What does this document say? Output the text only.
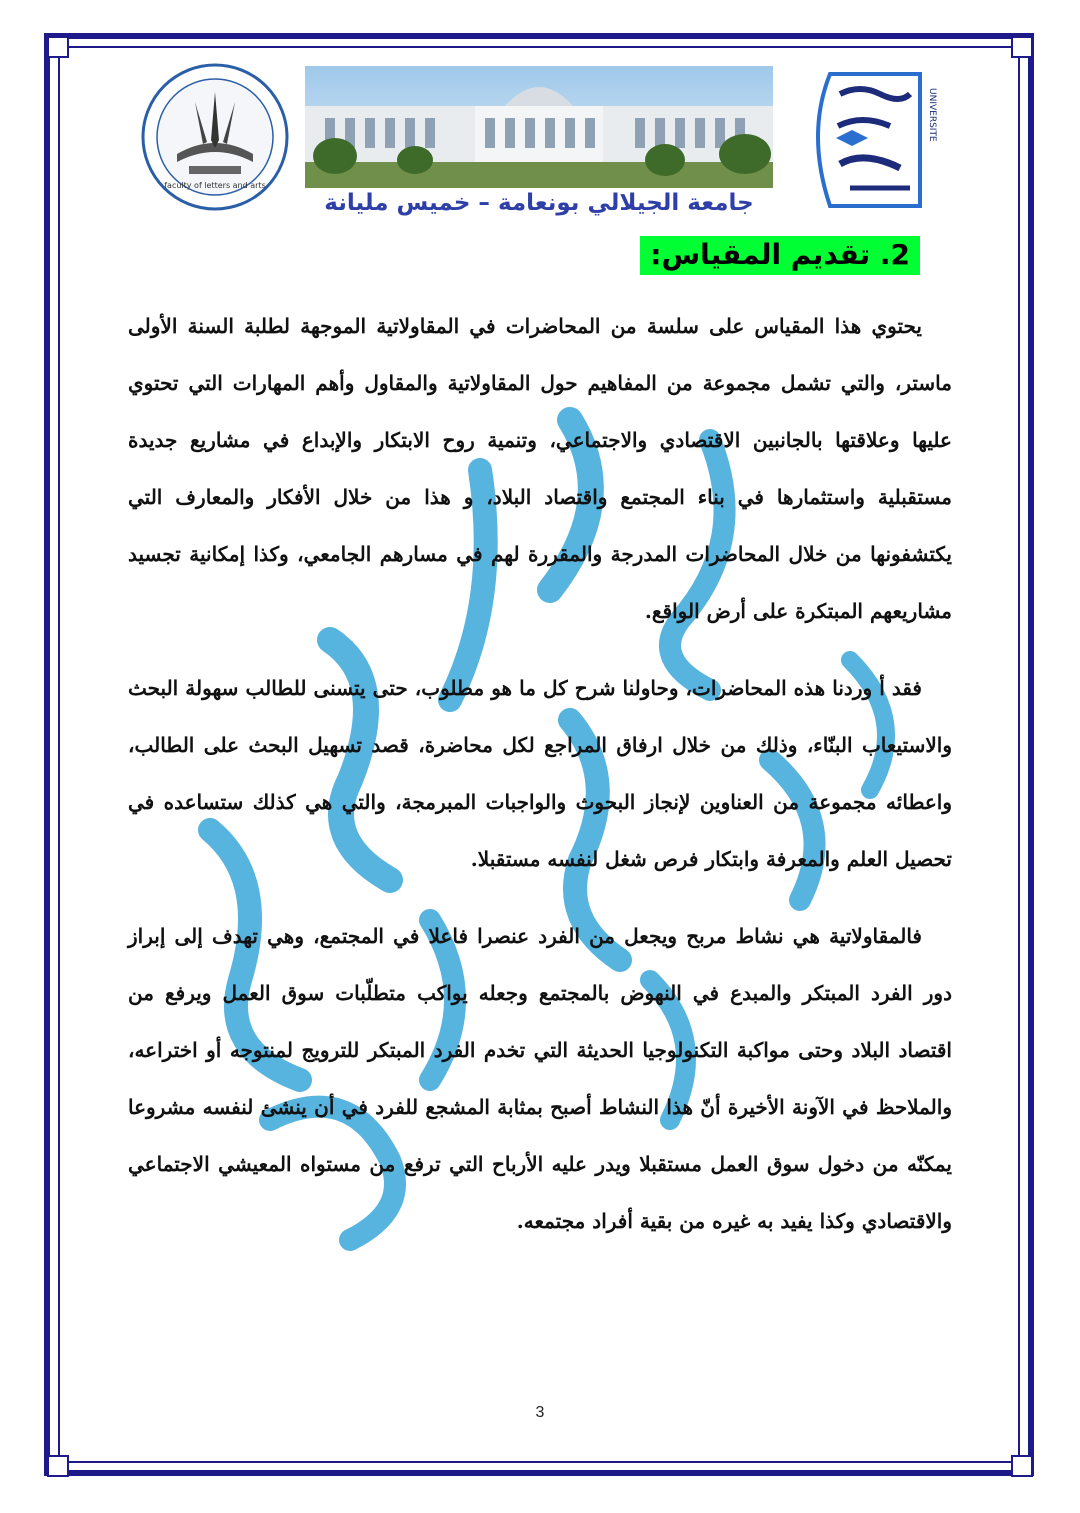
faculty of letters and arts
UNIVERSITE
جامعة الجيلالي بونعامة – خميس مليانة
2. تقديم المقياس:

يحتوي هذا المقياس على سلسة من المحاضرات في المقاولاتية الموجهة لطلبة السنة الأولى ماستر، والتي تشمل مجموعة من المفاهيم حول المقاولاتية والمقاول وأهم المهارات التي تحتوي عليها وعلاقتها بالجانبين الاقتصادي والاجتماعي، وتنمية روح الابتكار والإبداع في مشاريع جديدة مستقبلية واستثمارها في بناء المجتمع واقتصاد البلاد، و هذا من خلال الأفكار والمعارف التي يكتشفونها من خلال المحاضرات المدرجة والمقررة لهم في مسارهم الجامعي، وكذا إمكانية تجسيد مشاريعهم المبتكرة على أرض الواقع.

فقد أ وردنا هذه المحاضرات، وحاولنا شرح كل ما هو مطلوب، حتى يتسنى للطالب سهولة البحث والاستيعاب البنّاء، وذلك من خلال ارفاق المراجع لكل محاضرة، قصد تسهيل البحث على الطالب، واعطائه مجموعة من العناوين لإنجاز البحوث والواجبات المبرمجة، والتي هي كذلك ستساعده في تحصيل العلم والمعرفة وابتكار فرص شغل لنفسه مستقبلا.

فالمقاولاتية هي نشاط مربح ويجعل من الفرد عنصرا فاعلا في المجتمع، وهي تهدف إلى إبراز دور الفرد المبتكر والمبدع في النهوض بالمجتمع وجعله يواكب متطلّبات سوق العمل ويرفع من اقتصاد البلاد وحتى مواكبة التكنولوجيا الحديثة التي تخدم الفرد المبتكر للترويج لمنتوجه أو اختراعه، والملاحظ في الآونة الأخيرة أنّ هذا النشاط أصبح بمثابة المشجع للفرد في أن ينشئ لنفسه مشروعا يمكنّه من دخول سوق العمل مستقبلا ويدر عليه الأرباح التي ترفع من مستواه المعيشي الاجتماعي والاقتصادي وكذا يفيد به غيره من بقية أفراد مجتمعه.

3
